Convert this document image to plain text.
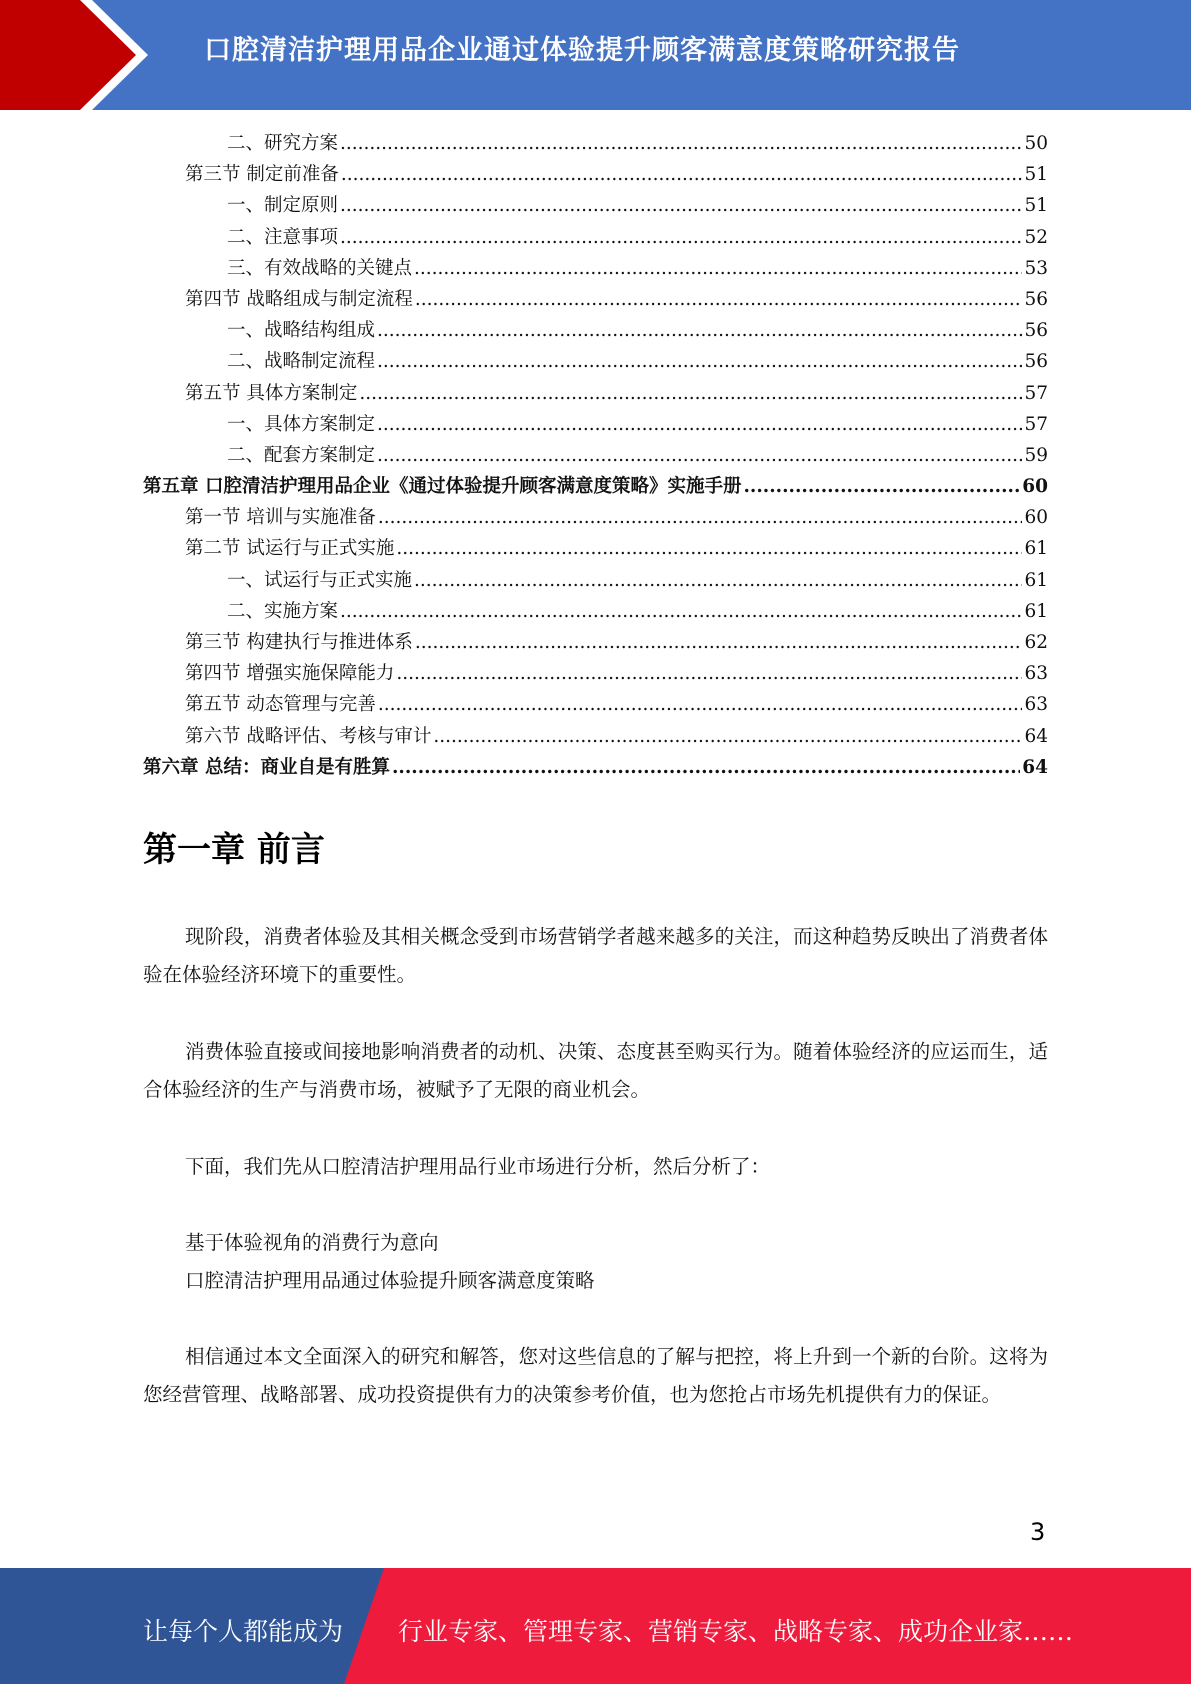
口腔清洁护理用品企业通过体验提升顾客满意度策略研究报告
二、研究方案 .....	50
第三节 制定前准备 .....	51
一、制定原则 .....	51
二、注意事项 .....	52
三、有效战略的关键点 .....	53
第四节 战略组成与制定流程 .....	56
一、战略结构组成 .....	56
二、战略制定流程 .....	56
第五节 具体方案制定 .....	57
一、具体方案制定 .....	57
二、配套方案制定 .....	59
第五章 口腔清洁护理用品企业《通过体验提升顾客满意度策略》实施手册 .....	60
第一节 培训与实施准备 .....	60
第二节 试运行与正式实施 .....	61
一、试运行与正式实施 .....	61
二、实施方案 .....	61
第三节 构建执行与推进体系 .....	62
第四节 增强实施保障能力 .....	63
第五节 动态管理与完善 .....	63
第六节 战略评估、考核与审计 .....	64
第六章 总结：商业自是有胜算 .....	64
第一章 前言

现阶段，消费者体验及其相关概念受到市场营销学者越来越多的关注，而这种趋势反映出了消费者体验在体验经济环境下的重要性。

消费体验直接或间接地影响消费者的动机、决策、态度甚至购买行为。随着体验经济的应运而生，适合体验经济的生产与消费市场，被赋予了无限的商业机会。

下面，我们先从口腔清洁护理用品行业市场进行分析，然后分析了：

基于体验视角的消费行为意向

口腔清洁护理用品通过体验提升顾客满意度策略

相信通过本文全面深入的研究和解答，您对这些信息的了解与把控，将上升到一个新的台阶。这将为您经营管理、战略部署、成功投资提供有力的决策参考价值，也为您抢占市场先机提供有力的保证。

3
让每个人都能成为 行业专家、管理专家、营销专家、战略专家、成功企业家……
